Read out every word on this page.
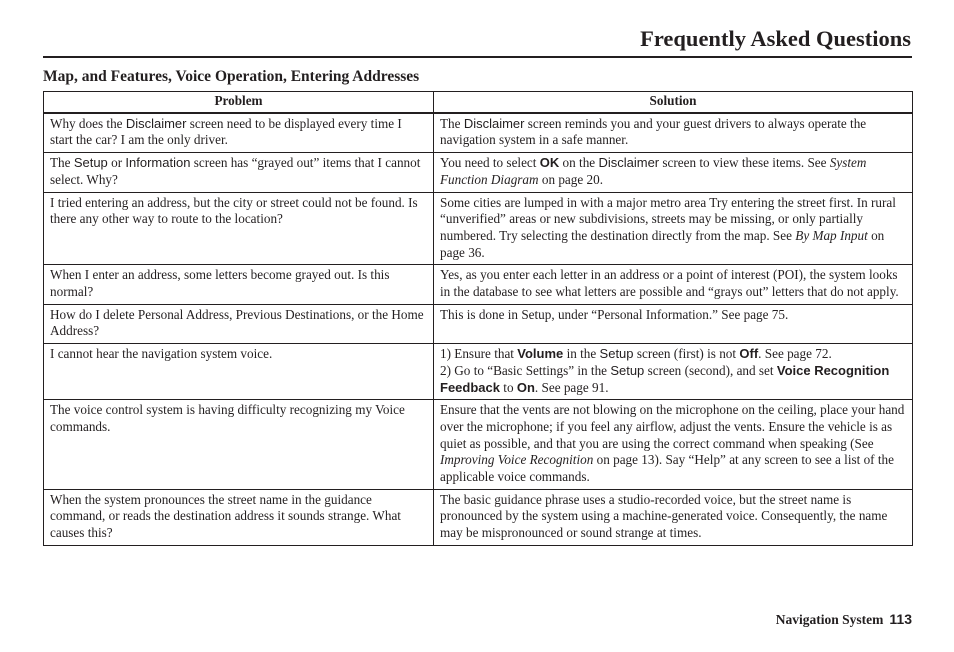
Frequently Asked Questions
Map, and Features, Voice Operation, Entering Addresses
Problem	Solution
Why does the Disclaimer screen need to be displayed every time I start the car? I am the only driver.	The Disclaimer screen reminds you and your guest drivers to always operate the navigation system in a safe manner.
The Setup or Information screen has “grayed out” items that I cannot select. Why?	You need to select OK on the Disclaimer screen to view these items. See System Function Diagram on page 20.
I tried entering an address, but the city or street could not be found. Is there any other way to route to the location?	Some cities are lumped in with a major metro area Try entering the street first. In rural “unverified” areas or new subdivisions, streets may be missing, or only partially numbered. Try selecting the destination directly from the map. See By Map Input on page 36.
When I enter an address, some letters become grayed out. Is this normal?	Yes, as you enter each letter in an address or a point of interest (POI), the system looks in the database to see what letters are possible and “grays out” letters that do not apply.
How do I delete Personal Address, Previous Destinations, or the Home Address?	This is done in Setup, under “Personal Information.” See page 75.
I cannot hear the navigation system voice.	1) Ensure that Volume in the Setup screen (first) is not Off. See page 72.
2) Go to “Basic Settings” in the Setup screen (second), and set Voice Recognition Feedback to On. See page 91.
The voice control system is having difficulty recognizing my Voice commands.	Ensure that the vents are not blowing on the microphone on the ceiling, place your hand over the microphone; if you feel any airflow, adjust the vents. Ensure the vehicle is as quiet as possible, and that you are using the correct command when speaking (See Improving Voice Recognition on page 13). Say “Help” at any screen to see a list of the applicable voice commands.
When the system pronounces the street name in the guidance command, or reads the destination address it sounds strange. What causes this?	The basic guidance phrase uses a studio-recorded voice, but the street name is pronounced by the system using a machine-generated voice. Consequently, the name may be mispronounced or sound strange at times.
Navigation System 113
